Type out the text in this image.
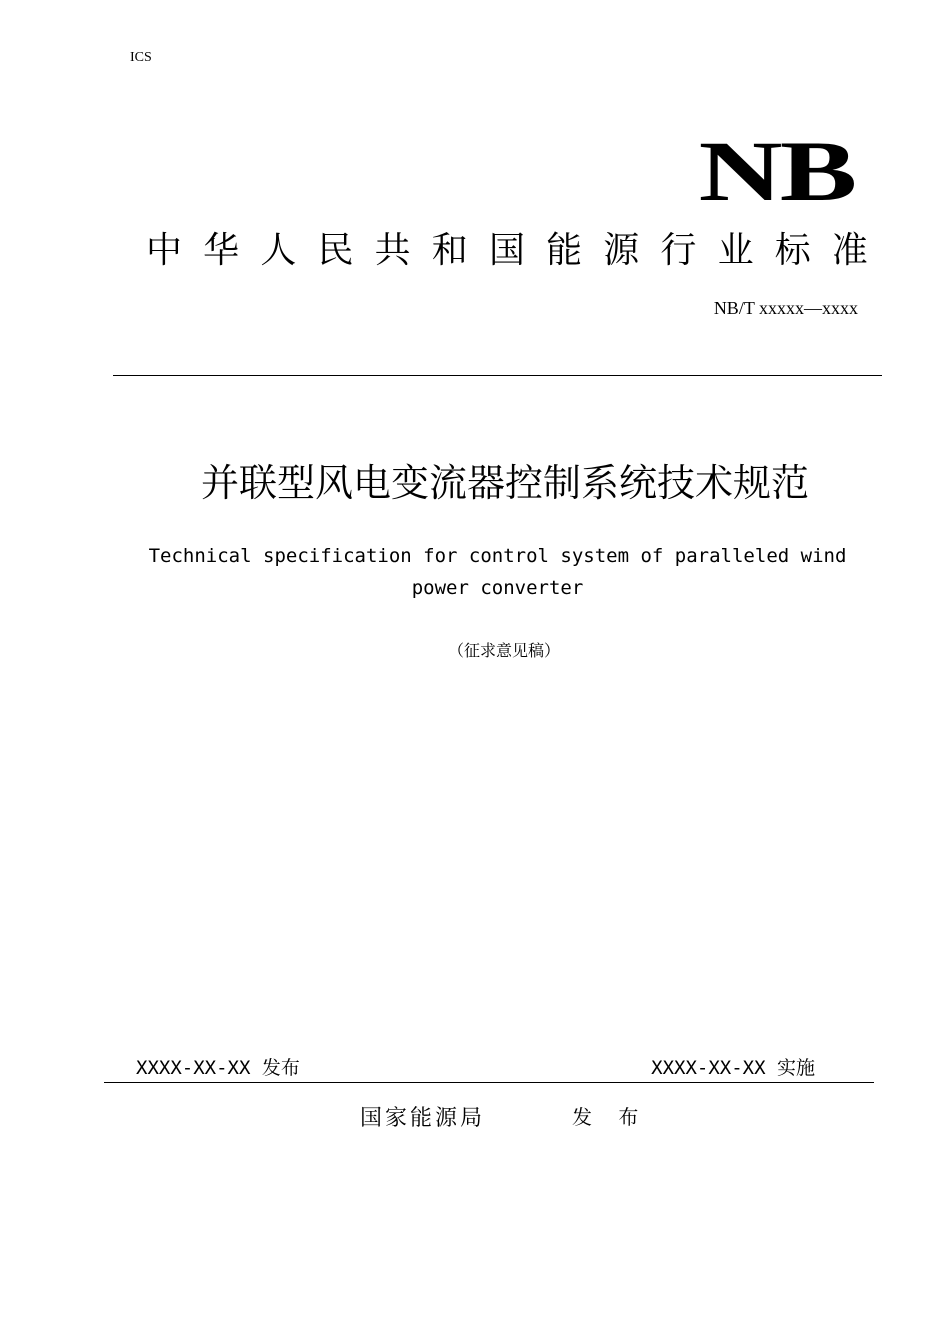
ICS
NB
中 华 人 民 共 和 国 能 源 行 业 标 准
NB/T xxxxx—xxxx
并联型风电变流器控制系统技术规范
Technical specification for control system of paralleled wind power converter
（征求意见稿）
XXXX-XX-XX 发布	XXXX-XX-XX 实施
国家能源局	发 布
